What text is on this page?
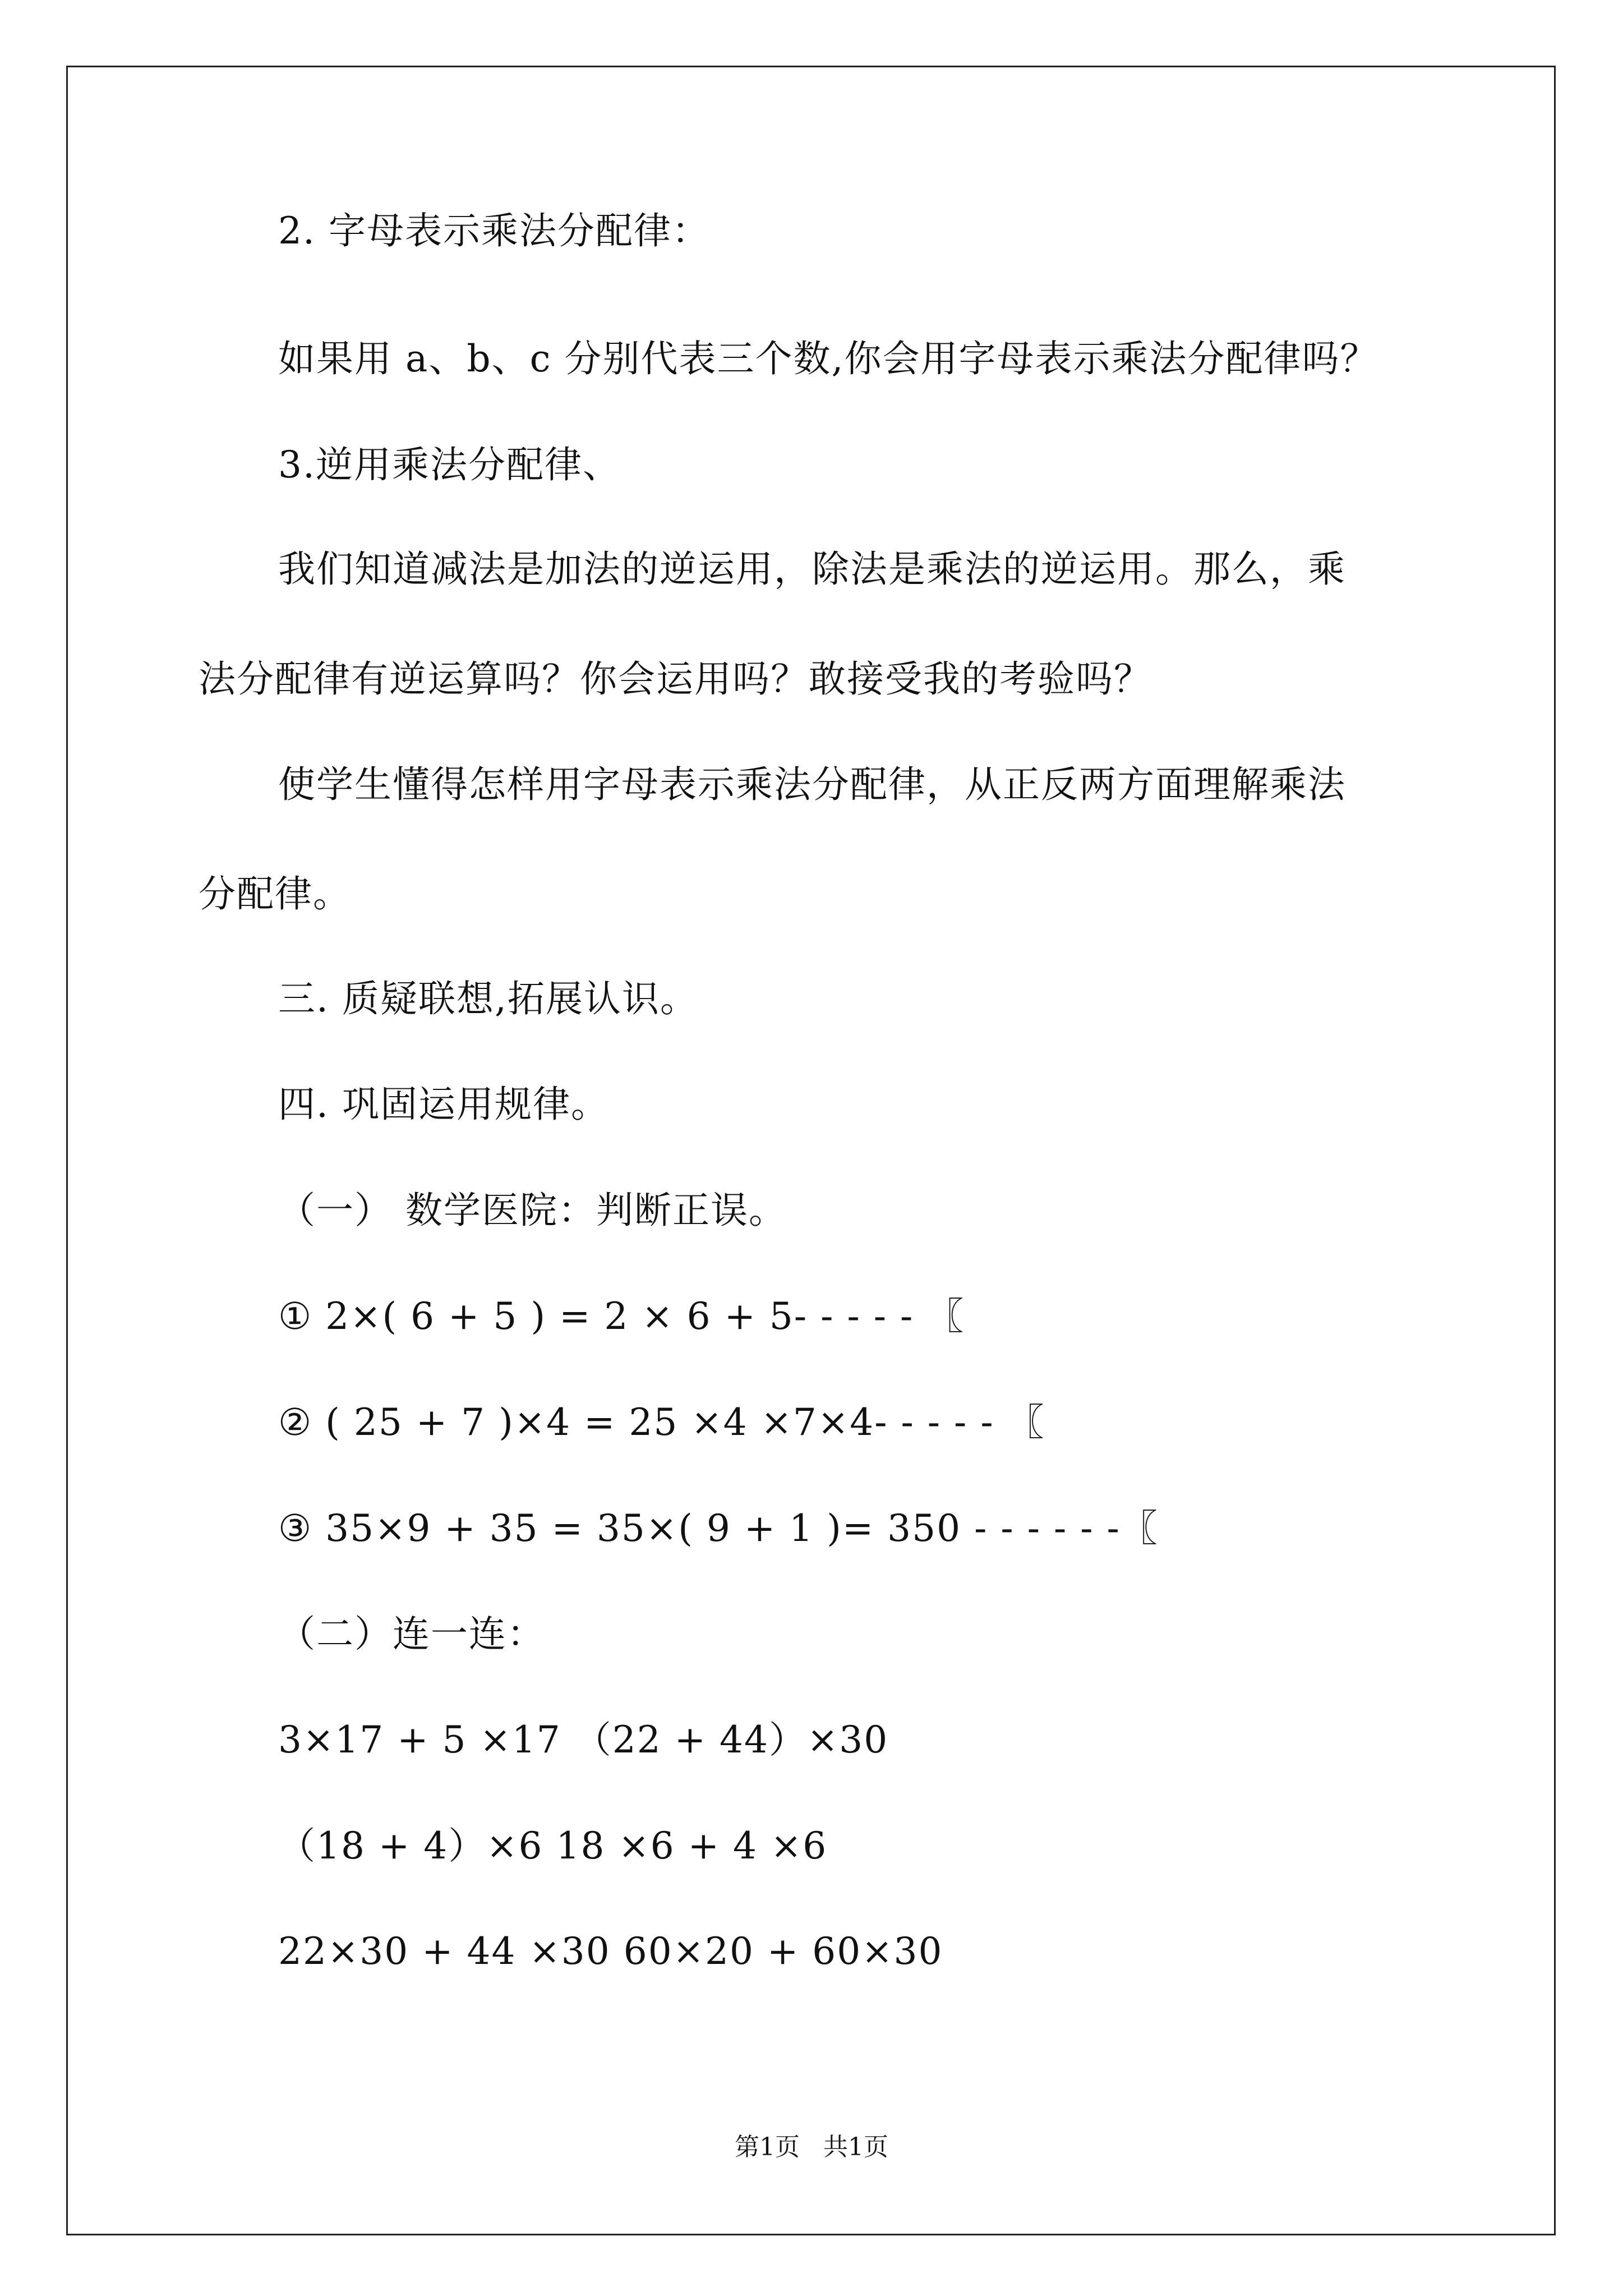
2. 字母表示乘法分配律：
如果用 a、b、c 分别代表三个数,你会用字母表示乘法分配律吗？
3.逆用乘法分配律、
我们知道减法是加法的逆运用，除法是乘法的逆运用。那么，乘
法分配律有逆运算吗？你会运用吗？敢接受我的考验吗？
使学生懂得怎样用字母表示乘法分配律，从正反两方面理解乘法
分配律。
三. 质疑联想,拓展认识。
四. 巩固运用规律。
（一） 数学医院：判断正误。
① 2×( 6 + 5 ) = 2 × 6 + 5- - - - - 〖
② ( 25 + 7 )×4 = 25 ×4 ×7×4- - - - - 〖
③ 35×9 + 35 = 35×( 9 + 1 )= 350 - - - - - -〖
（二）连一连：
3×17 + 5 ×17 （22 + 44）×30
（18 + 4）×6 18 ×6 + 4 ×6
22×30 + 44 ×30 60×20 + 60×30
第1页   共1页
